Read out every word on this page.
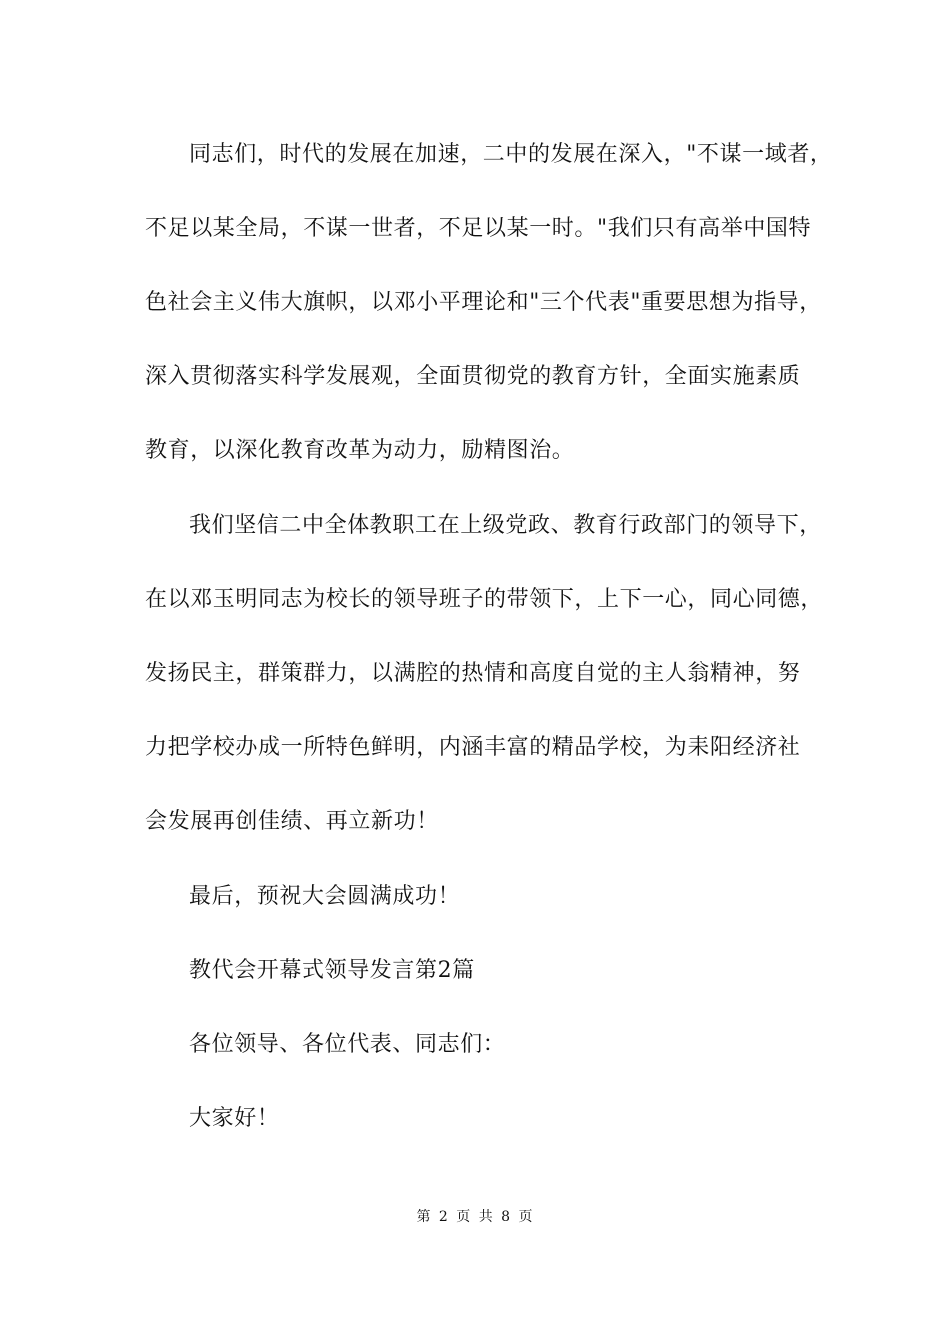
同志们，时代的发展在加速，二中的发展在深入，"不谋一域者，
不足以某全局，不谋一世者，不足以某一时。"我们只有高举中国特
色社会主义伟大旗帜，以邓小平理论和"三个代表"重要思想为指导，
深入贯彻落实科学发展观，全面贯彻党的教育方针，全面实施素质
教育，以深化教育改革为动力，励精图治。
我们坚信二中全体教职工在上级党政、教育行政部门的领导下，
在以邓玉明同志为校长的领导班子的带领下，上下一心，同心同德，
发扬民主，群策群力，以满腔的热情和高度自觉的主人翁精神，努
力把学校办成一所特色鲜明，内涵丰富的精品学校，为耒阳经济社
会发展再创佳绩、再立新功！
最后，预祝大会圆满成功！
教代会开幕式领导发言第2篇
各位领导、各位代表、同志们：
大家好！
第 2 页 共 8 页
